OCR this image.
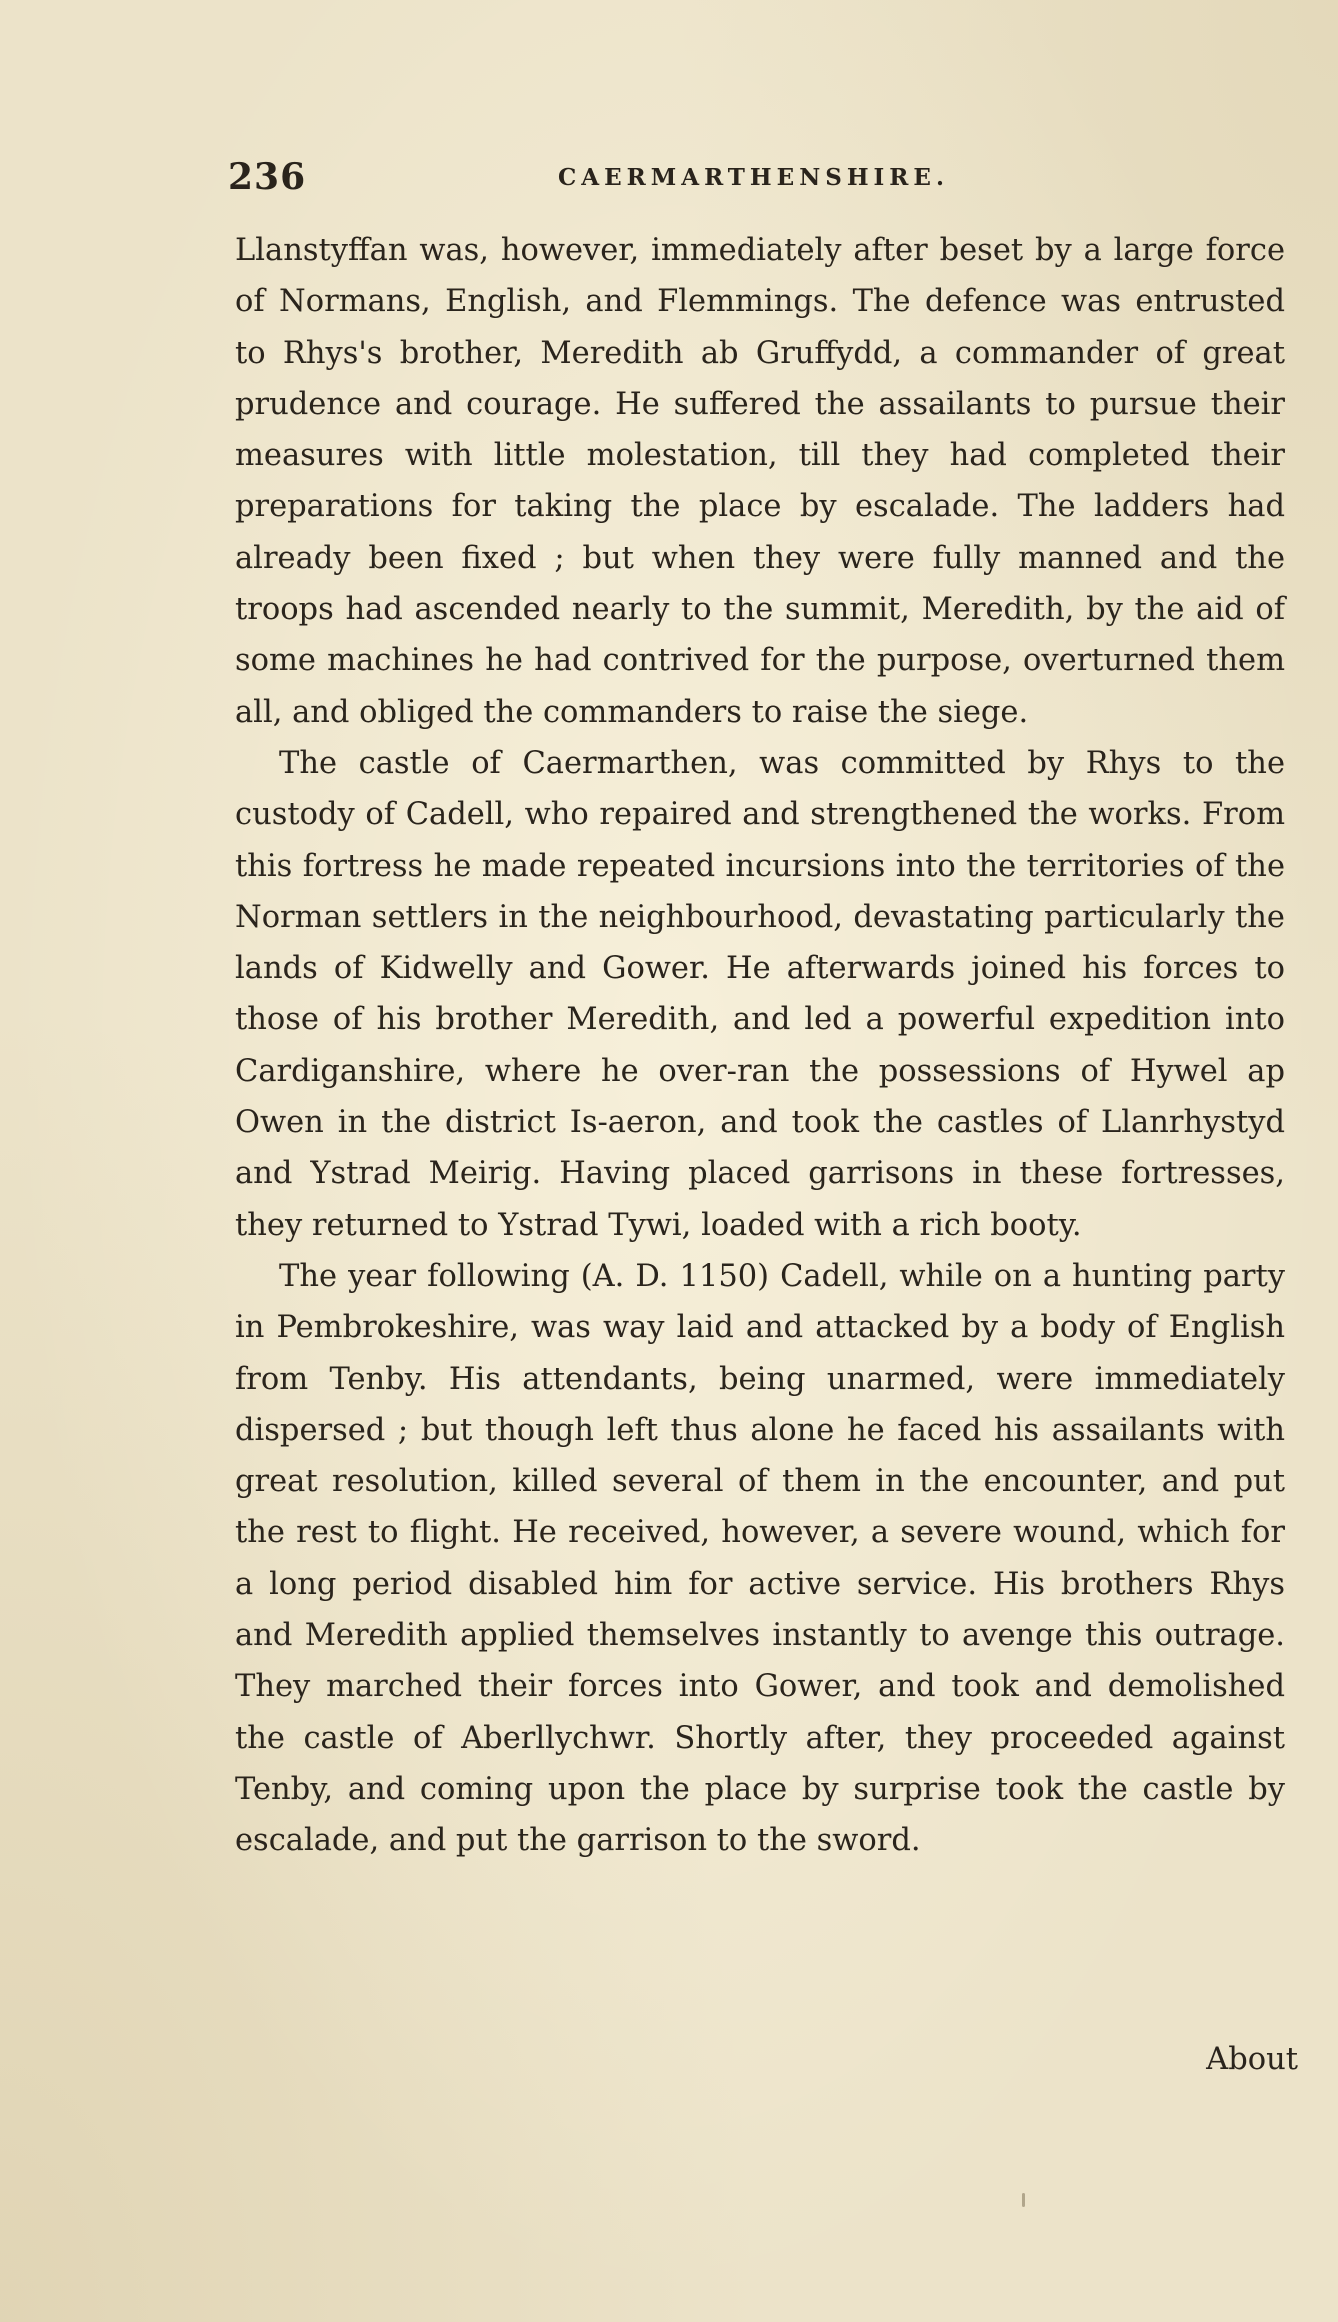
236	CAERMARTHENSHIRE.

Llanstyffan was, however, immediately after beset by a large force of Normans, English, and Flemmings. The defence was entrusted to Rhys's brother, Meredith ab Gruffydd, a commander of great prudence and courage. He suffered the assailants to pursue their measures with little molestation, till they had completed their preparations for taking the place by escalade. The ladders had already been fixed ; but when they were fully manned and the troops had ascended nearly to the summit, Meredith, by the aid of some machines he had contrived for the purpose, overturned them all, and obliged the commanders to raise the siege.

The castle of Caermarthen, was committed by Rhys to the custody of Cadell, who repaired and strengthened the works. From this fortress he made repeated incursions into the territories of the Norman settlers in the neighbourhood, devastating particularly the lands of Kidwelly and Gower. He afterwards joined his forces to those of his brother Meredith, and led a powerful expedition into Cardiganshire, where he over-ran the possessions of Hywel ap Owen in the district Is-aeron, and took the castles of Llanrhystyd and Ystrad Meirig. Having placed garrisons in these fortresses, they returned to Ystrad Tywi, loaded with a rich booty.

The year following (A. D. 1150) Cadell, while on a hunting party in Pembrokeshire, was way laid and attacked by a body of English from Tenby. His attendants, being unarmed, were immediately dispersed ; but though left thus alone he faced his assailants with great resolution, killed several of them in the encounter, and put the rest to flight. He received, however, a severe wound, which for a long period disabled him for active service. His brothers Rhys and Meredith applied themselves instantly to avenge this outrage. They marched their forces into Gower, and took and demolished the castle of Aberllychwr. Shortly after, they proceeded against Tenby, and coming upon the place by surprise took the castle by escalade, and put the garrison to the sword.

About
